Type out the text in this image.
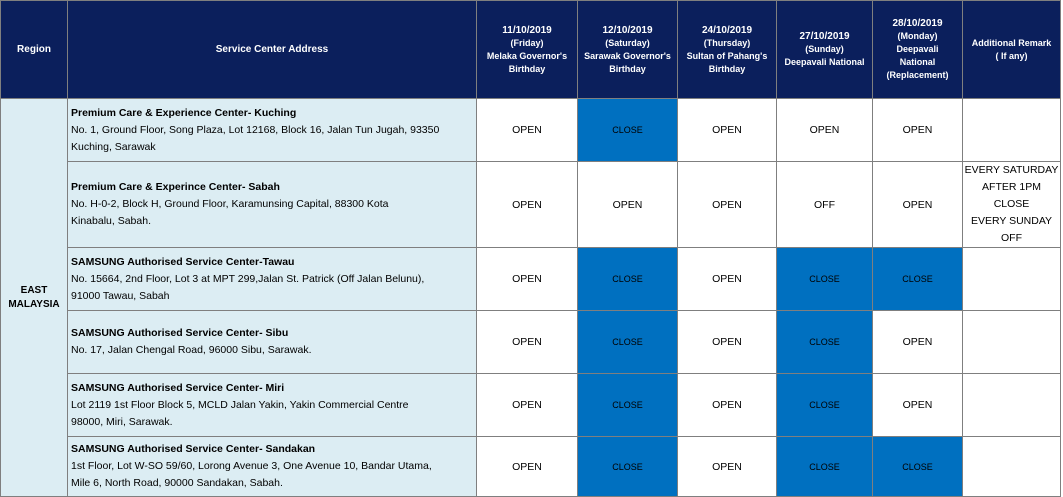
Region	Service Center Address	11/10/2019
(Friday)
Melaka Governor's
Birthday	12/10/2019
(Saturday)
Sarawak Governor's
Birthday	24/10/2019
(Thursday)
Sultan of Pahang's
Birthday	27/10/2019
(Sunday)
Deepavali National	28/10/2019
(Monday)
Deepavali
National
(Replacement)	Additional Remark
( If any)

EAST
MALAYSIA	Premium Care & Experience Center- Kuching
No. 1, Ground Floor, Song Plaza, Lot 12168, Block 16, Jalan Tun Jugah, 93350
Kuching, Sarawak	OPEN	CLOSE	OPEN	OPEN	OPEN	

	Premium Care & Experince Center- Sabah
No. H-0-2, Block H, Ground Floor, Karamunsing Capital, 88300 Kota
Kinabalu, Sabah.	OPEN	OPEN	OPEN	OFF	OPEN	EVERY SATURDAY
AFTER 1PM CLOSE
EVERY SUNDAY
OFF

	SAMSUNG Authorised Service Center-Tawau
No. 15664, 2nd Floor, Lot 3 at MPT 299,Jalan St. Patrick (Off Jalan Belunu),
91000 Tawau, Sabah	OPEN	CLOSE	OPEN	CLOSE	CLOSE	

	SAMSUNG Authorised Service Center- Sibu
No. 17, Jalan Chengal Road, 96000 Sibu, Sarawak.	OPEN	CLOSE	OPEN	CLOSE	OPEN	

	SAMSUNG Authorised Service Center- Miri
Lot 2119 1st Floor Block 5, MCLD Jalan Yakin, Yakin Commercial Centre
98000, Miri, Sarawak.	OPEN	CLOSE	OPEN	CLOSE	OPEN	

	SAMSUNG Authorised Service Center- Sandakan
1st Floor, Lot W-SO 59/60, Lorong Avenue 3, One Avenue 10, Bandar Utama,
Mile 6, North Road, 90000 Sandakan, Sabah.	OPEN	CLOSE	OPEN	CLOSE	CLOSE	
